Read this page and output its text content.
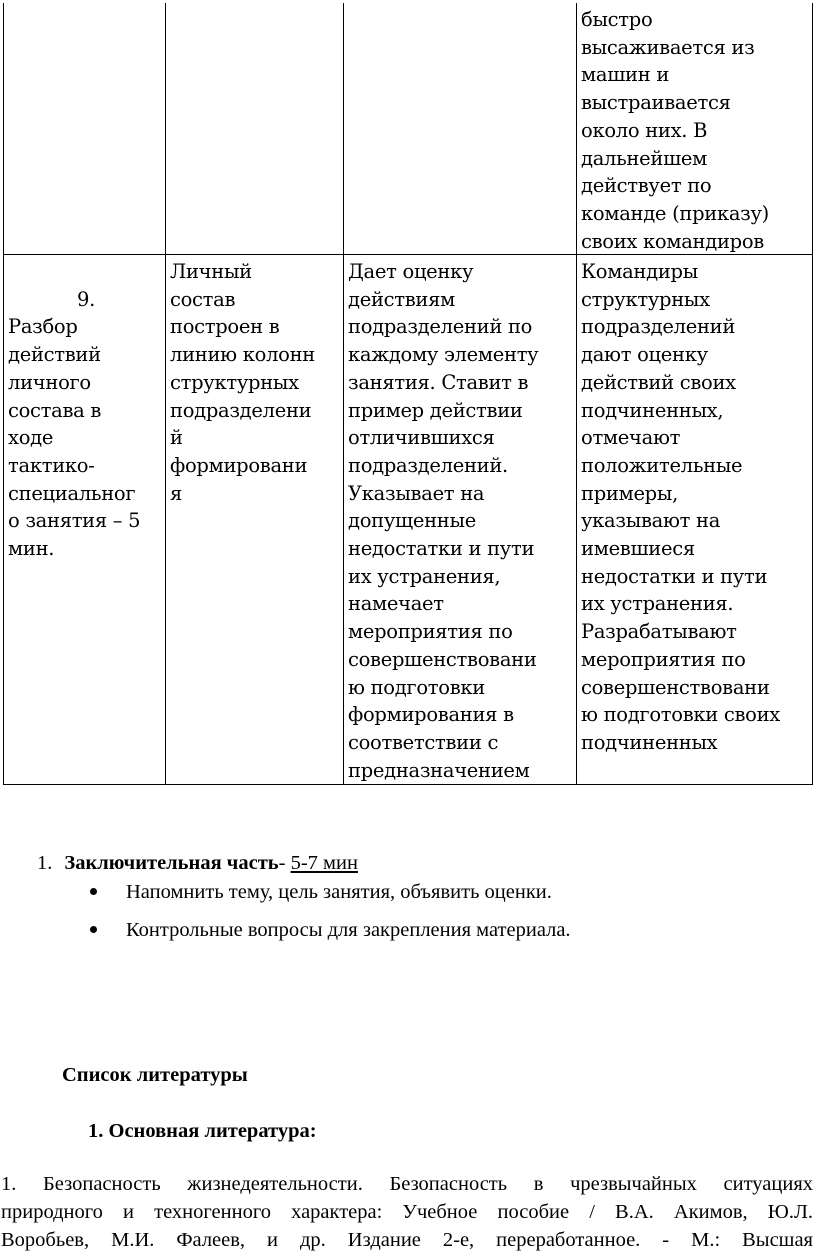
быстро
высаживается из
машин и
выстраивается
около них. В
дальнейшем
действует по
команде (приказу)
своих командиров

9.
Разбор
действий
личного
состава в
ходе
тактико-
специальног
о занятия – 5
мин.

Личный
состав
построен в
линию колонн
структурных
подразделени
й
формировани
я
Дает оценку
действиям
подразделений по
каждому элементу
занятия. Ставит в
пример действии
отличившихся
подразделений.
Указывает на
допущенные
недостатки и пути
их устранения,
намечает
мероприятия по
совершенствовани
ю подготовки
формирования в
соответствии с
предназначением
Командиры
структурных
подразделений
дают оценку
действий своих
подчиненных,
отмечают
положительные
примеры,
указывают на
имевшиеся
недостатки и пути
их устранения.
Разрабатывают
мероприятия по
совершенствовани
ю подготовки своих
подчиненных
1. Заключительная часть- 5-7 мин
Напомнить тему, цель занятия, объявить оценки.
Контрольные вопросы для закрепления материала.
Список литературы
1. Основная литература:
1. Безопасность жизнедеятельности. Безопасность в чрезвычайных ситуациях
природного и техногенного характера: Учебное пособие / В.А. Акимов, Ю.Л.
Воробьев, М.И. Фалеев, и др. Издание 2-е, переработанное. - М.: Высшая
